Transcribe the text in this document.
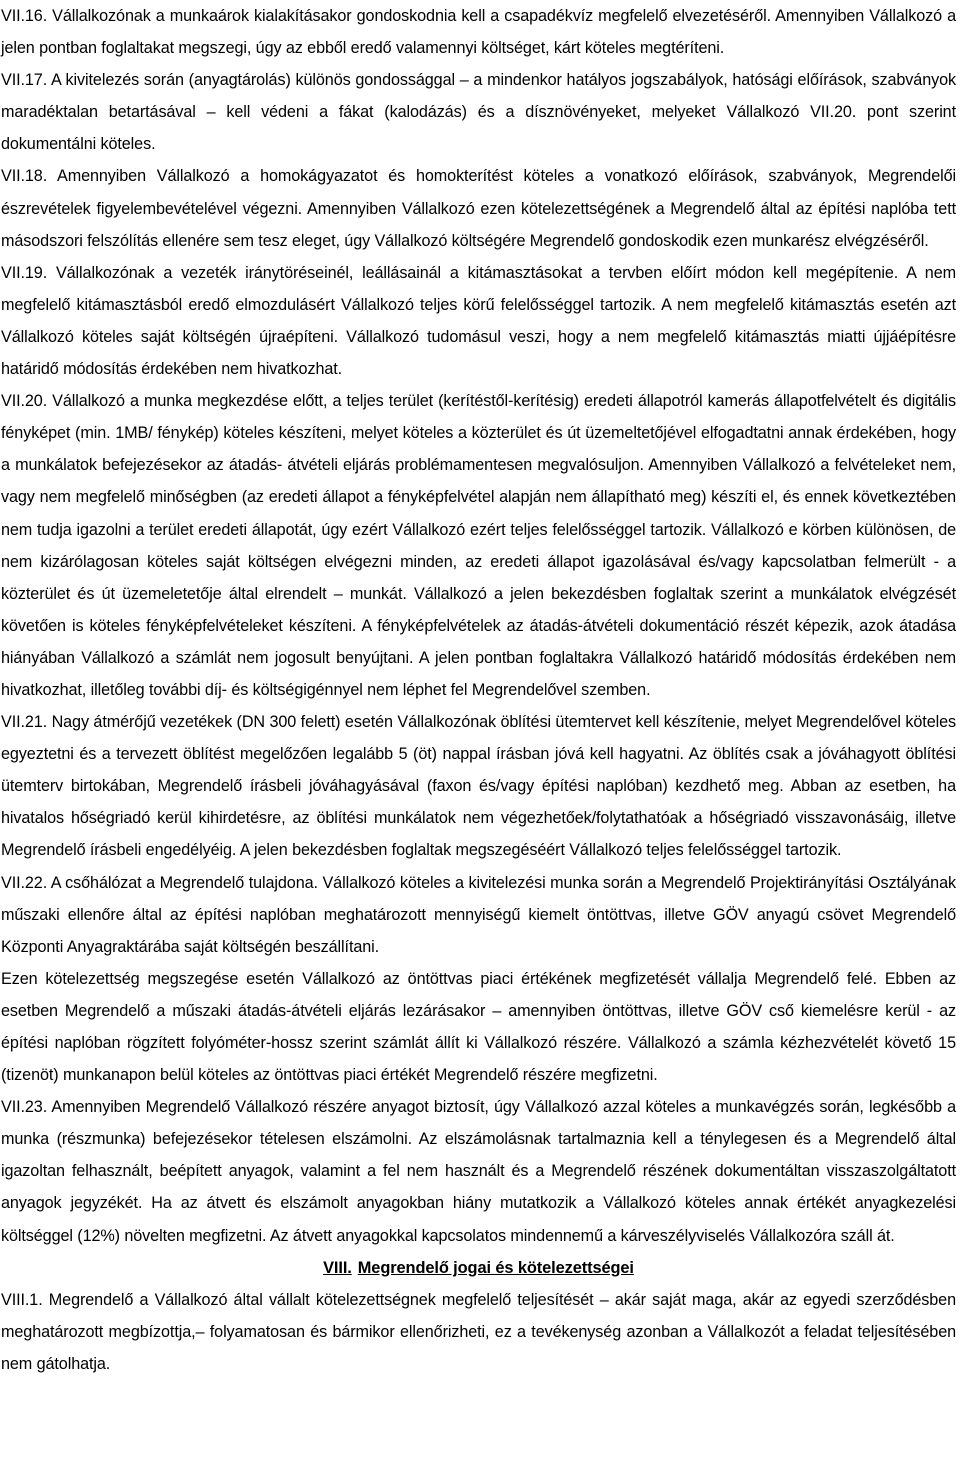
VII.16. Vállalkozónak a munkaárok kialakításakor gondoskodnia kell a csapadékvíz megfelelő elvezetéséről. Amennyiben Vállalkozó a jelen pontban foglaltakat megszegi, úgy az ebből eredő valamennyi költséget, kárt köteles megtéríteni.

VII.17. A kivitelezés során (anyagtárolás) különös gondossággal – a mindenkor hatályos jogszabályok, hatósági előírások, szabványok maradéktalan betartásával – kell védeni a fákat (kalodázás) és a dísznövényeket, melyeket Vállalkozó VII.20. pont szerint dokumentálni köteles.

VII.18. Amennyiben Vállalkozó a homokágyazatot és homokterítést köteles a vonatkozó előírások, szabványok, Megrendelői észrevételek figyelembevételével végezni. Amennyiben Vállalkozó ezen kötelezettségének a Megrendelő által az építési naplóba tett másodszori felszólítás ellenére sem tesz eleget, úgy Vállalkozó költségére Megrendelő gondoskodik ezen munkarész elvégzéséről.

VII.19. Vállalkozónak a vezeték iránytöréseinél, leállásainál a kitámasztásokat a tervben előírt módon kell megépítenie. A nem megfelelő kitámasztásból eredő elmozdulásért Vállalkozó teljes körű felelősséggel tartozik. A nem megfelelő kitámasztás esetén azt Vállalkozó köteles saját költségén újraépíteni. Vállalkozó tudomásul veszi, hogy a nem megfelelő kitámasztás miatti újjáépítésre határidő módosítás érdekében nem hivatkozhat.

VII.20. Vállalkozó a munka megkezdése előtt, a teljes terület (kerítéstől-kerítésig) eredeti állapotról kamerás állapotfelvételt és digitális fényképet (min. 1MB/ fénykép) köteles készíteni, melyet köteles a közterület és út üzemeltetőjével elfogadtatni annak érdekében, hogy a munkálatok befejezésekor az átadás- átvételi eljárás problémamentesen megvalósuljon. Amennyiben Vállalkozó a felvételeket nem, vagy nem megfelelő minőségben (az eredeti állapot a fényképfelvétel alapján nem állapítható meg) készíti el, és ennek következtében nem tudja igazolni a terület eredeti állapotát, úgy ezért Vállalkozó ezért teljes felelősséggel tartozik. Vállalkozó e körben különösen, de nem kizárólagosan köteles saját költségen elvégezni minden, az eredeti állapot igazolásával és/vagy kapcsolatban felmerült - a közterület és út üzemeletetője által elrendelt – munkát. Vállalkozó a jelen bekezdésben foglaltak szerint a munkálatok elvégzését követően is köteles fényképfelvételeket készíteni. A fényképfelvételek az átadás-átvételi dokumentáció részét képezik, azok átadása hiányában Vállalkozó a számlát nem jogosult benyújtani. A jelen pontban foglaltakra Vállalkozó határidő módosítás érdekében nem hivatkozhat, illetőleg további díj- és költségigénnyel nem léphet fel Megrendelővel szemben.

VII.21. Nagy átmérőjű vezetékek (DN 300 felett) esetén Vállalkozónak öblítési ütemtervet kell készítenie, melyet Megrendelővel köteles egyeztetni és a tervezett öblítést megelőzően legalább 5 (öt) nappal írásban jóvá kell hagyatni. Az öblítés csak a jóváhagyott öblítési ütemterv birtokában, Megrendelő írásbeli jóváhagyásával (faxon és/vagy építési naplóban) kezdhető meg. Abban az esetben, ha hivatalos hőségriadó kerül kihirdetésre, az öblítési munkálatok nem végezhetőek/folytathatóak a hőségriadó visszavonásáig, illetve Megrendelő írásbeli engedélyéig. A jelen bekezdésben foglaltak megszegéséért Vállalkozó teljes felelősséggel tartozik.

VII.22. A csőhálózat a Megrendelő tulajdona. Vállalkozó köteles a kivitelezési munka során a Megrendelő Projektirányítási Osztályának műszaki ellenőre által az építési naplóban meghatározott mennyiségű kiemelt öntöttvas, illetve GÖV anyagú csövet Megrendelő Központi Anyagraktárába saját költségén beszállítani.

Ezen kötelezettség megszegése esetén Vállalkozó az öntöttvas piaci értékének megfizetését vállalja Megrendelő felé. Ebben az esetben Megrendelő a műszaki átadás-átvételi eljárás lezárásakor – amennyiben öntöttvas, illetve GÖV cső kiemelésre kerül - az építési naplóban rögzített folyóméter-hossz szerint számlát állít ki Vállalkozó részére. Vállalkozó a számla kézhezvételét követő 15 (tizenöt) munkanapon belül köteles az öntöttvas piaci értékét Megrendelő részére megfizetni.

VII.23. Amennyiben Megrendelő Vállalkozó részére anyagot biztosít, úgy Vállalkozó azzal köteles a munkavégzés során, legkésőbb a munka (részmunka) befejezésekor tételesen elszámolni. Az elszámolásnak tartalmaznia kell a ténylegesen és a Megrendelő által igazoltan felhasznált, beépített anyagok, valamint a fel nem használt és a Megrendelő részének dokumentáltan visszaszolgáltatott anyagok jegyzékét. Ha az átvett és elszámolt anyagokban hiány mutatkozik a Vállalkozó köteles annak értékét anyagkezelési költséggel (12%) növelten megfizetni. Az átvett anyagokkal kapcsolatos mindennemű a kárveszélyviselés Vállalkozóra száll át.

VIII. Megrendelő jogai és kötelezettségei

VIII.1. Megrendelő a Vállalkozó által vállalt kötelezettségnek megfelelő teljesítését – akár saját maga, akár az egyedi szerződésben meghatározott megbízottja,– folyamatosan és bármikor ellenőrizheti, ez a tevékenység azonban a Vállalkozót a feladat teljesítésében nem gátolhatja.
